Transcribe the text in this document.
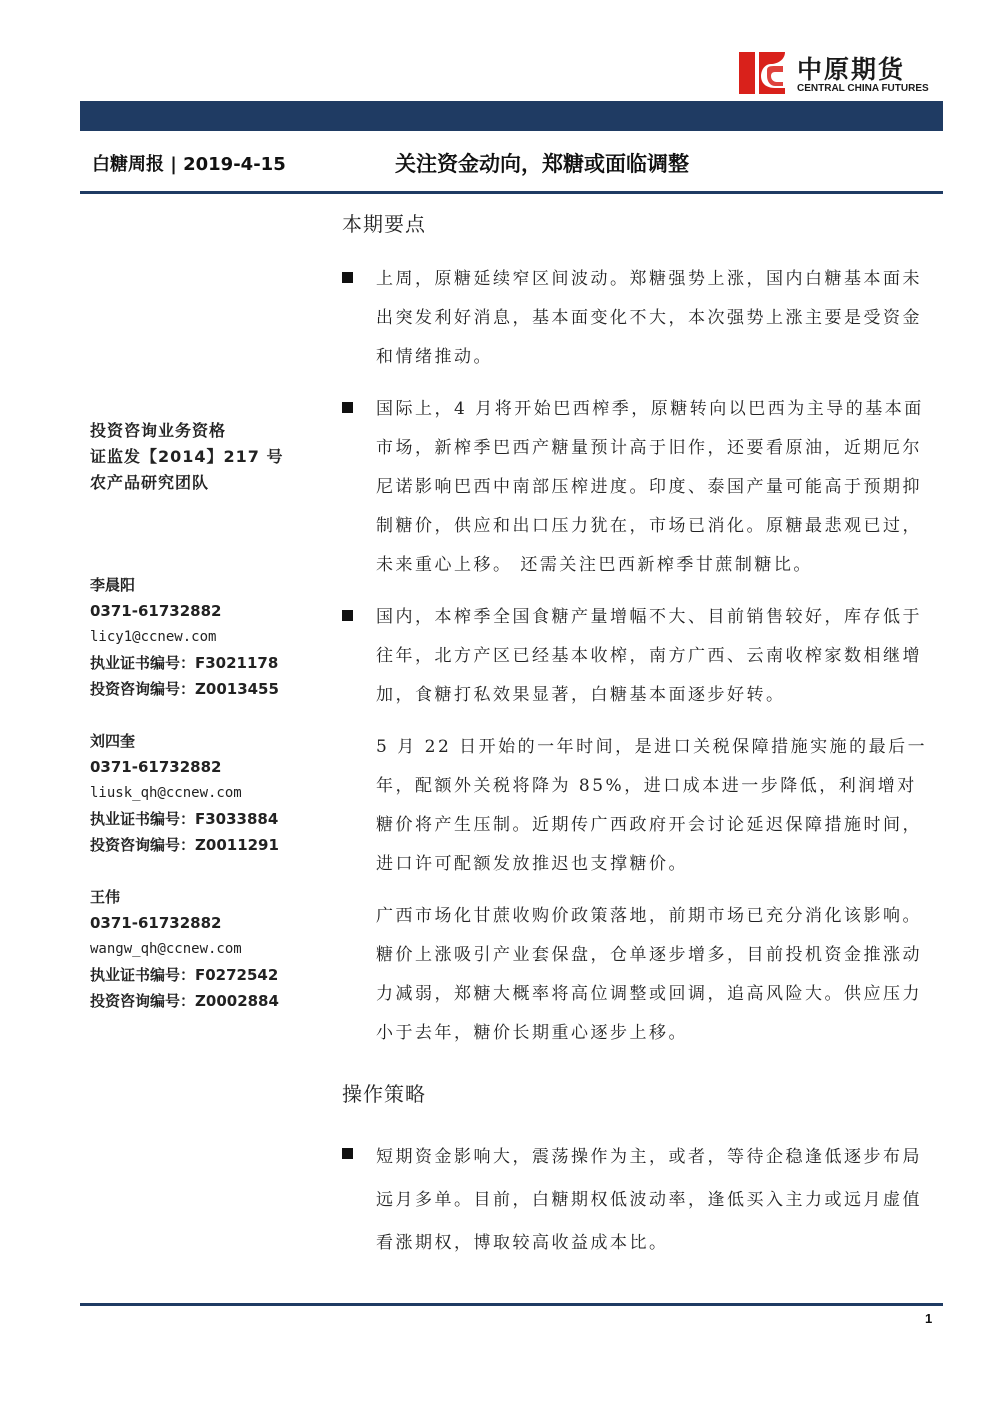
中原期货
CENTRAL CHINA FUTURES
白糖周报 | 2019-4-15	关注资金动向，郑糖或面临调整
投资咨询业务资格
证监发【2014】217 号
农产品研究团队
李晨阳
0371-61732882
licy1@ccnew.com
执业证书编号：F3021178
投资咨询编号：Z0013455
刘四奎
0371-61732882
liusk_qh@ccnew.com
执业证书编号：F3033884
投资咨询编号：Z0011291
王伟
0371-61732882
wangw_qh@ccnew.com
执业证书编号：F0272542
投资咨询编号：Z0002884
本期要点
上周，原糖延续窄区间波动。郑糖强势上涨，国内白糖基本面未出突发利好消息，基本面变化不大，本次强势上涨主要是受资金和情绪推动。
国际上，4 月将开始巴西榨季，原糖转向以巴西为主导的基本面市场，新榨季巴西产糖量预计高于旧作，还要看原油，近期厄尔尼诺影响巴西中南部压榨进度。印度、泰国产量可能高于预期抑制糖价，供应和出口压力犹在，市场已消化。原糖最悲观已过，未来重心上移。 还需关注巴西新榨季甘蔗制糖比。
国内，本榨季全国食糖产量增幅不大、目前销售较好，库存低于往年，北方产区已经基本收榨，南方广西、云南收榨家数相继增加，食糖打私效果显著，白糖基本面逐步好转。
5 月 22 日开始的一年时间，是进口关税保障措施实施的最后一年，配额外关税将降为 85%，进口成本进一步降低，利润增对糖价将产生压制。近期传广西政府开会讨论延迟保障措施时间，进口许可配额发放推迟也支撑糖价。
广西市场化甘蔗收购价政策落地，前期市场已充分消化该影响。糖价上涨吸引产业套保盘，仓单逐步增多，目前投机资金推涨动力减弱，郑糖大概率将高位调整或回调，追高风险大。供应压力小于去年，糖价长期重心逐步上移。
操作策略
短期资金影响大，震荡操作为主，或者，等待企稳逢低逐步布局远月多单。目前，白糖期权低波动率，逢低买入主力或远月虚值看涨期权，博取较高收益成本比。
1
